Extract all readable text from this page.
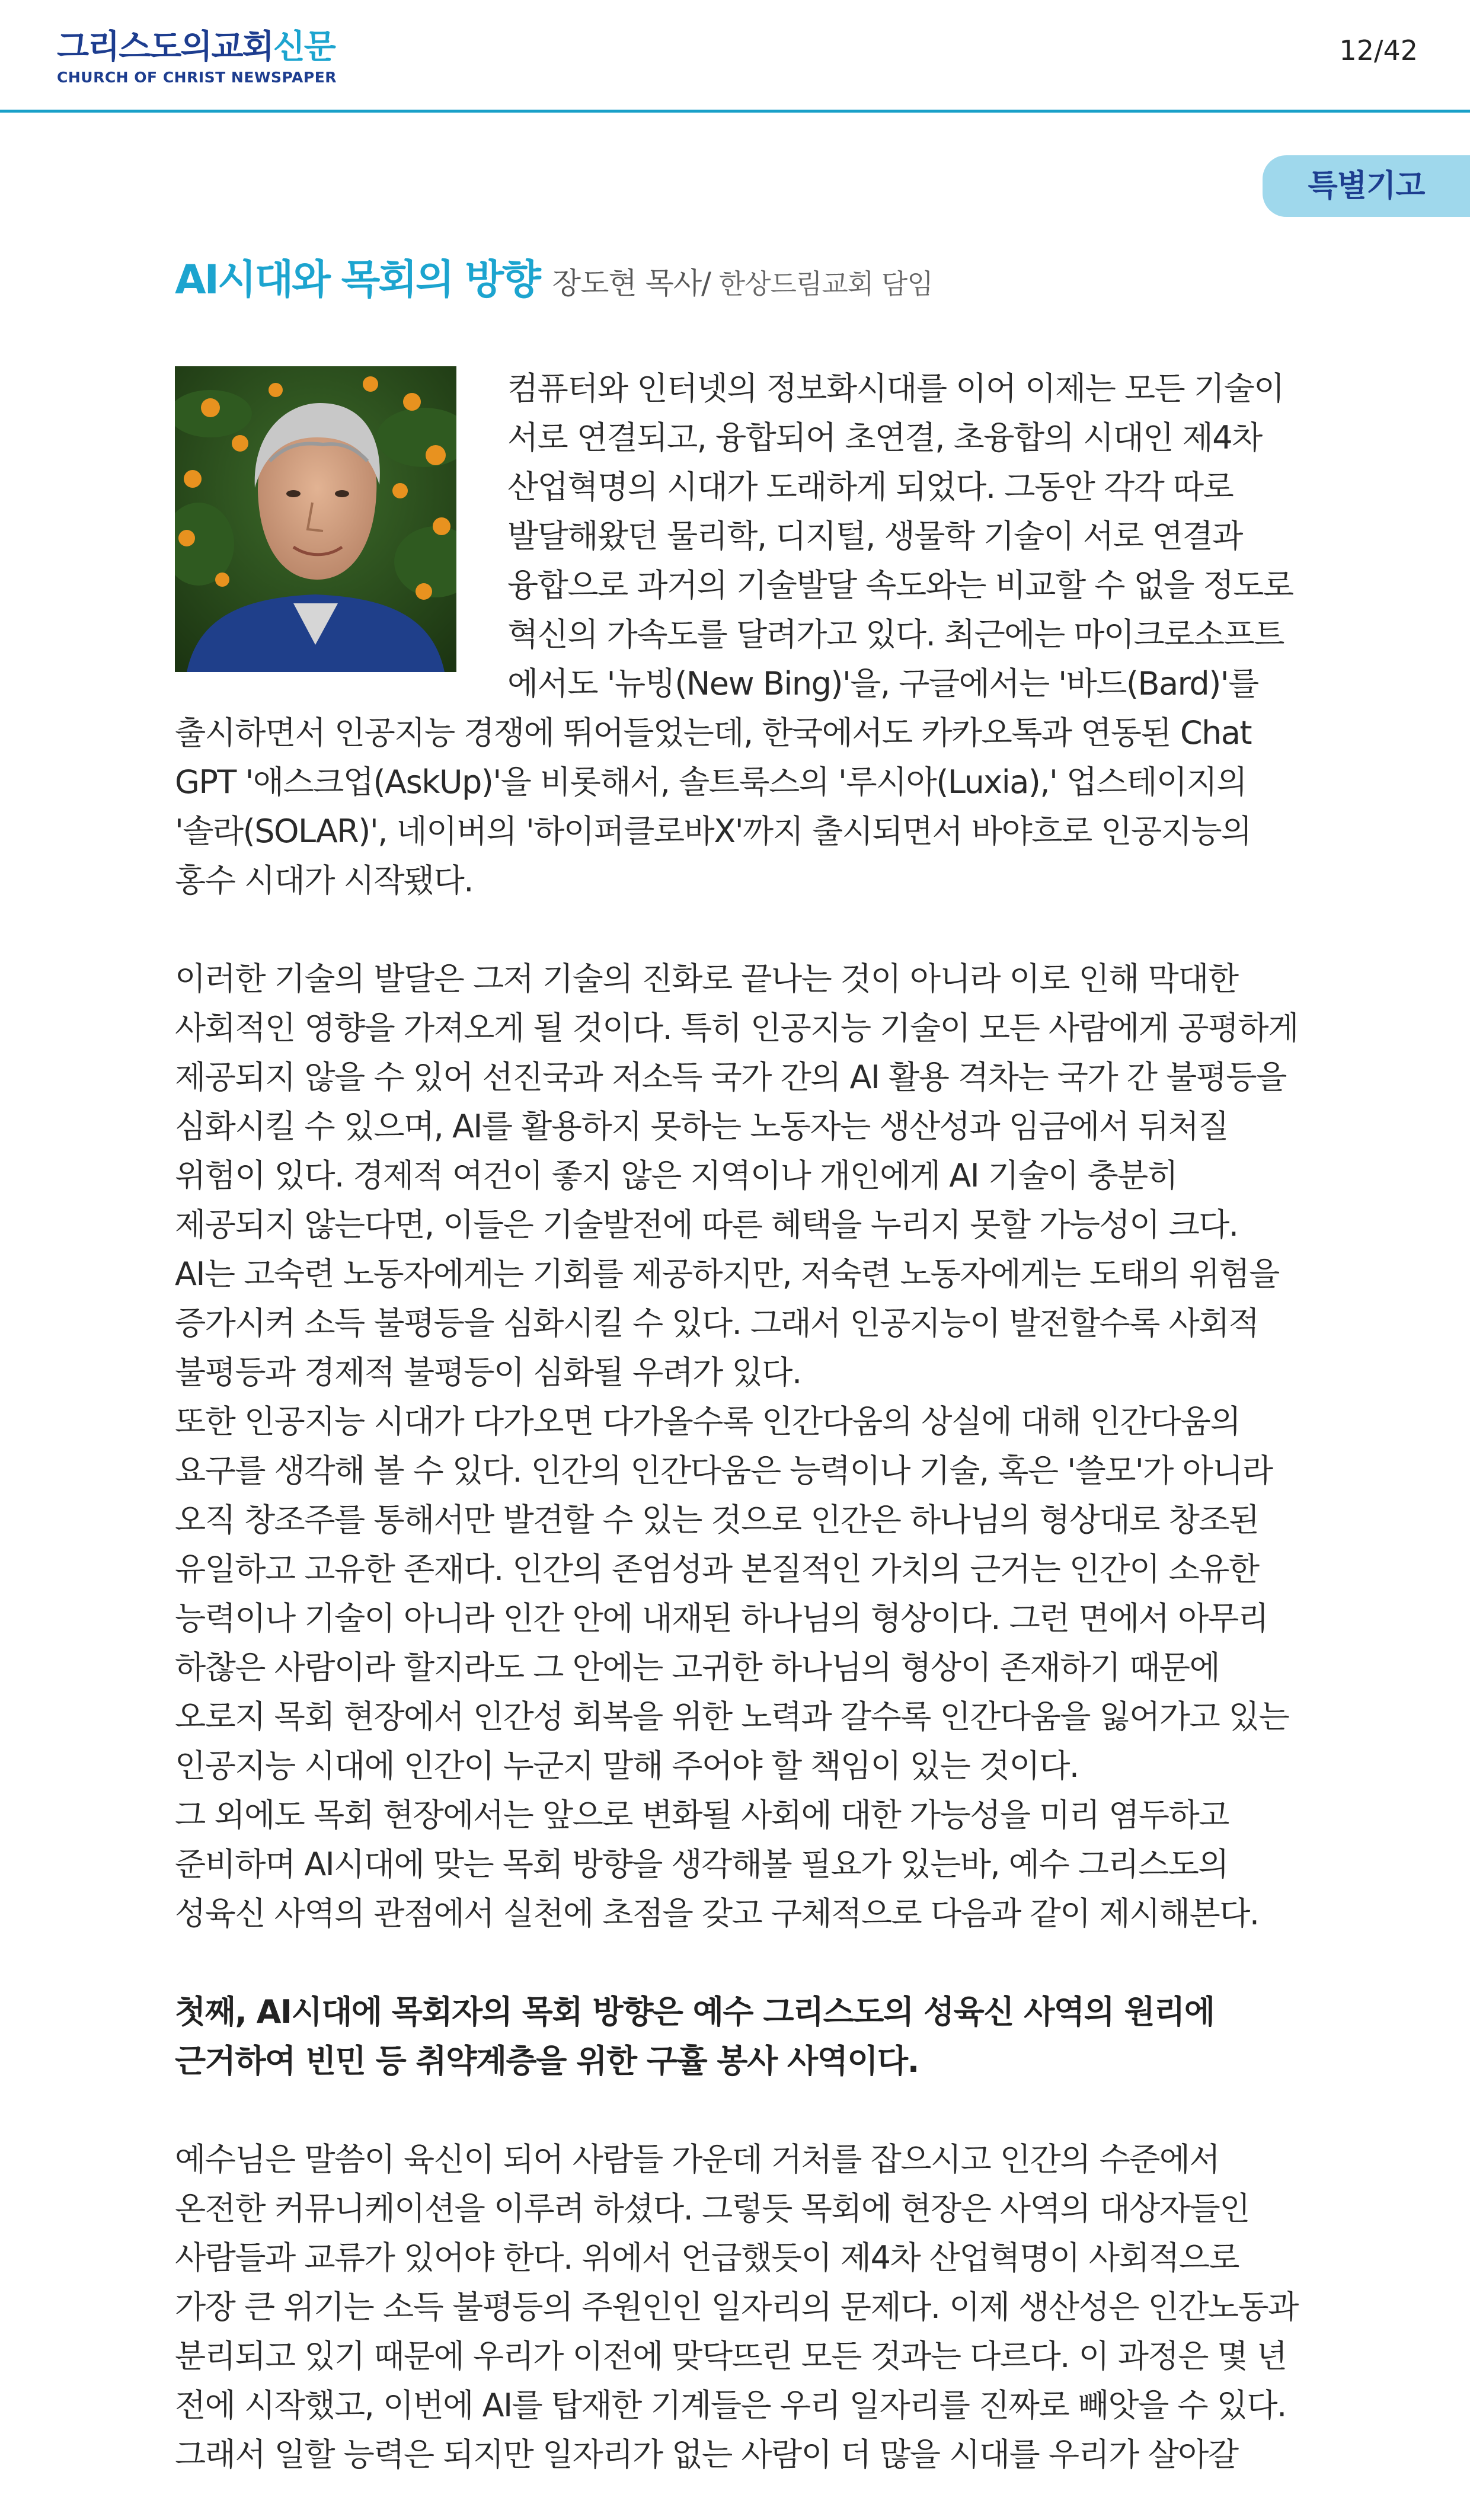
그리스도의교회신문
CHURCH OF CHRIST NEWSPAPER
12/42
특별기고
AI시대와 목회의 방향 장도현 목사/ 한상드림교회 담임
컴퓨터와 인터넷의 정보화시대를 이어 이제는 모든 기술이
서로 연결되고, 융합되어 초연결, 초융합의 시대인 제4차
산업혁명의 시대가 도래하게 되었다. 그동안 각각 따로
발달해왔던 물리학, 디지털, 생물학 기술이 서로 연결과
융합으로 과거의 기술발달 속도와는 비교할 수 없을 정도로
혁신의 가속도를 달려가고 있다. 최근에는 마이크로소프트
에서도 '뉴빙(New Bing)'을, 구글에서는 '바드(Bard)'를
출시하면서 인공지능 경쟁에 뛰어들었는데, 한국에서도 카카오톡과 연동된 Chat
GPT '애스크업(AskUp)'을 비롯해서, 솔트룩스의 '루시아(Luxia),' 업스테이지의
'솔라(SOLAR)', 네이버의 '하이퍼클로바X'까지 출시되면서 바야흐로 인공지능의
홍수 시대가 시작됐다.
이러한 기술의 발달은 그저 기술의 진화로 끝나는 것이 아니라 이로 인해 막대한
사회적인 영향을 가져오게 될 것이다. 특히 인공지능 기술이 모든 사람에게 공평하게
제공되지 않을 수 있어 선진국과 저소득 국가 간의 AI 활용 격차는 국가 간 불평등을
심화시킬 수 있으며, AI를 활용하지 못하는 노동자는 생산성과 임금에서 뒤처질
위험이 있다. 경제적 여건이 좋지 않은 지역이나 개인에게 AI 기술이 충분히
제공되지 않는다면, 이들은 기술발전에 따른 혜택을 누리지 못할 가능성이 크다.
AI는 고숙련 노동자에게는 기회를 제공하지만, 저숙련 노동자에게는 도태의 위험을
증가시켜 소득 불평등을 심화시킬 수 있다. 그래서 인공지능이 발전할수록 사회적
불평등과 경제적 불평등이 심화될 우려가 있다.
또한 인공지능 시대가 다가오면 다가올수록 인간다움의 상실에 대해 인간다움의
요구를 생각해 볼 수 있다. 인간의 인간다움은 능력이나 기술, 혹은 '쓸모'가 아니라
오직 창조주를 통해서만 발견할 수 있는 것으로 인간은 하나님의 형상대로 창조된
유일하고 고유한 존재다. 인간의 존엄성과 본질적인 가치의 근거는 인간이 소유한
능력이나 기술이 아니라 인간 안에 내재된 하나님의 형상이다. 그런 면에서 아무리
하찮은 사람이라 할지라도 그 안에는 고귀한 하나님의 형상이 존재하기 때문에
오로지 목회 현장에서 인간성 회복을 위한 노력과 갈수록 인간다움을 잃어가고 있는
인공지능 시대에 인간이 누군지 말해 주어야 할 책임이 있는 것이다.
그 외에도 목회 현장에서는 앞으로 변화될 사회에 대한 가능성을 미리 염두하고
준비하며 AI시대에 맞는 목회 방향을 생각해볼 필요가 있는바, 예수 그리스도의
성육신 사역의 관점에서 실천에 초점을 갖고 구체적으로 다음과 같이 제시해본다.
첫째, AI시대에 목회자의 목회 방향은 예수 그리스도의 성육신 사역의 원리에
근거하여 빈민 등 취약계층을 위한 구휼 봉사 사역이다.
예수님은 말씀이 육신이 되어 사람들 가운데 거처를 잡으시고 인간의 수준에서
온전한 커뮤니케이션을 이루려 하셨다. 그렇듯 목회에 현장은 사역의 대상자들인
사람들과 교류가 있어야 한다. 위에서 언급했듯이 제4차 산업혁명이 사회적으로
가장 큰 위기는 소득 불평등의 주원인인 일자리의 문제다. 이제 생산성은 인간노동과
분리되고 있기 때문에 우리가 이전에 맞닥뜨린 모든 것과는 다르다. 이 과정은 몇 년
전에 시작했고, 이번에 AI를 탑재한 기계들은 우리 일자리를 진짜로 빼앗을 수 있다.
그래서 일할 능력은 되지만 일자리가 없는 사람이 더 많을 시대를 우리가 살아갈
